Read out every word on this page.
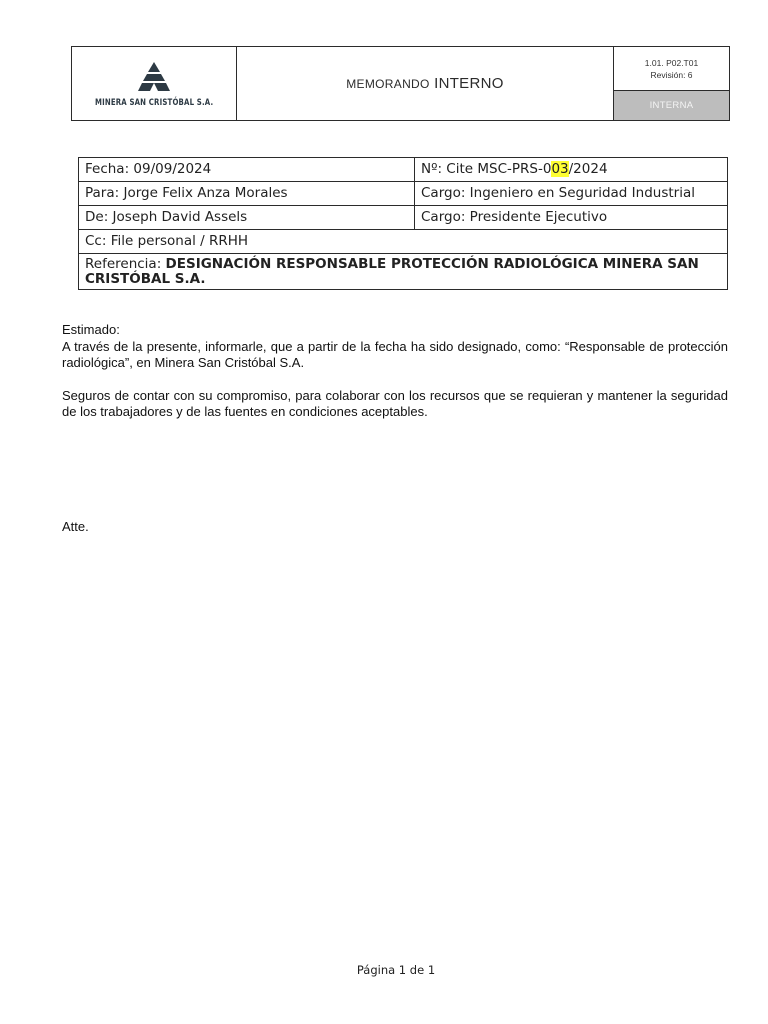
MINERA SAN CRISTÓBAL S.A.
MEMORANDO
INTERNO
1.01. P02.T01
Revisión: 6
INTERNA
Fecha: 09/09/2024	Nº: Cite MSC-PRS-003/2024
Para: Jorge Felix Anza Morales	Cargo: Ingeniero en Seguridad Industrial
De: Joseph David Assels	Cargo: Presidente Ejecutivo
Cc: File personal / RRHH	
Referencia: DESIGNACIÓN RESPONSABLE PROTECCIÓN RADIOLÓGICA MINERA SAN CRISTÓBAL S.A.	

Estimado:

A través de la presente, informarle, que a partir de la fecha ha sido designado, como: “Responsable de protección radiológica”, en Minera San Cristóbal S.A.

Seguros de contar con su compromiso, para colaborar con los recursos que se requieran y mantener la seguridad de los trabajadores y de las fuentes en condiciones aceptables.

Atte.
Página 1 de 1
